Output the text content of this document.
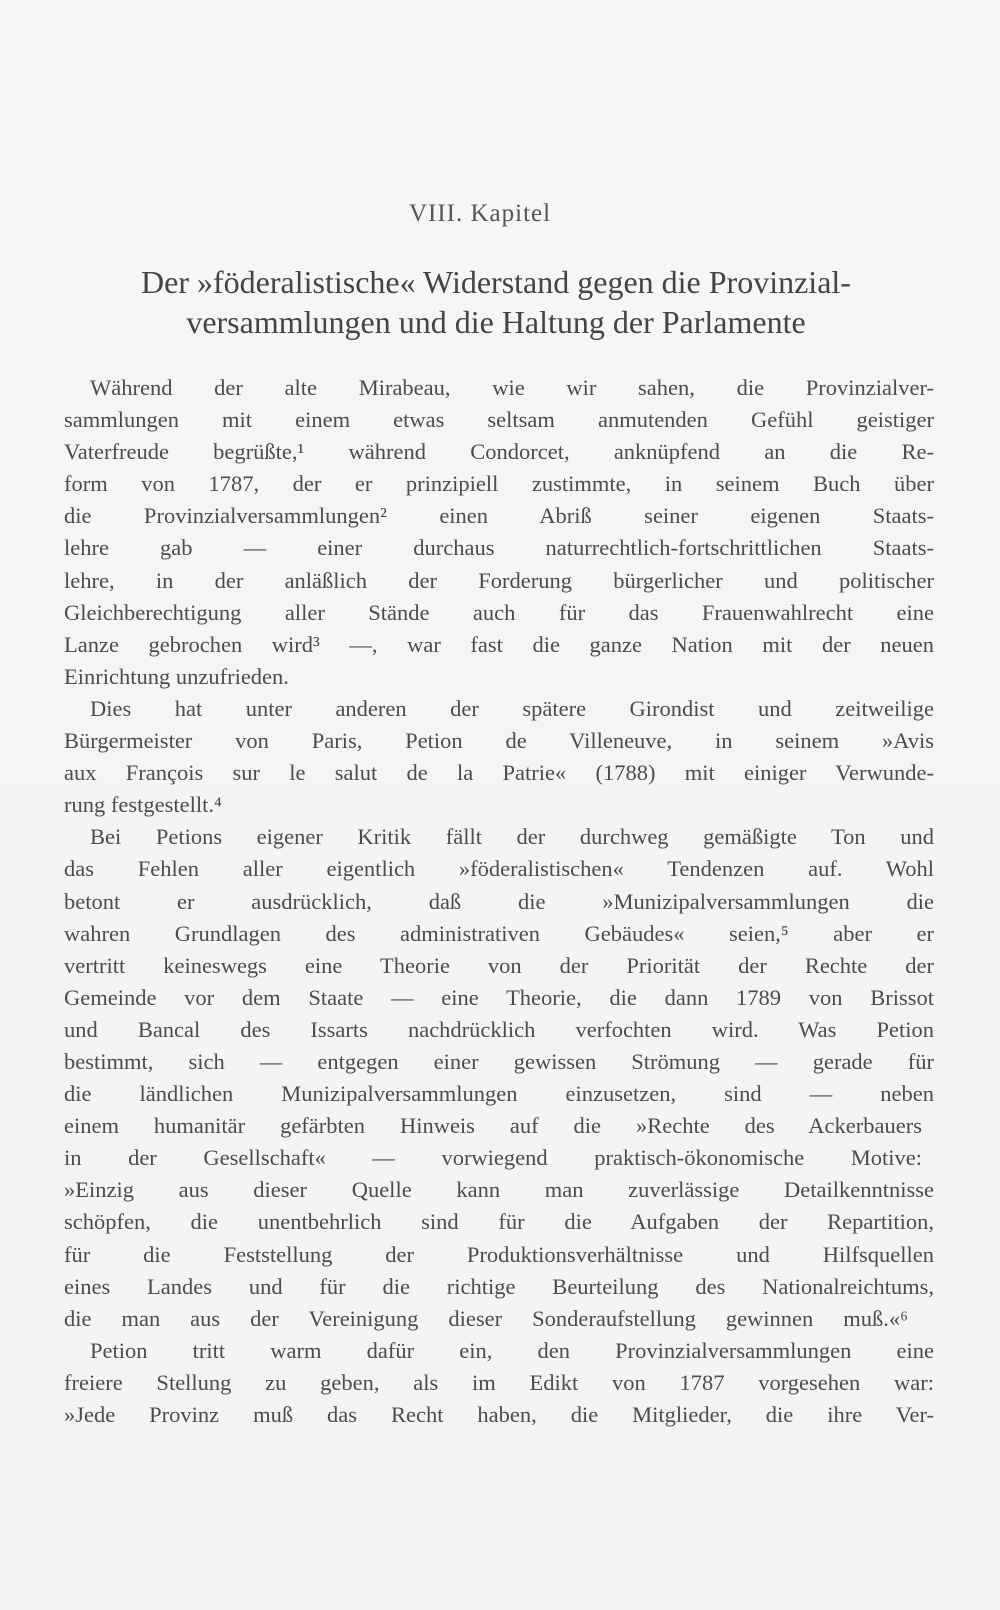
VIII. Kapitel
Der »föderalistische« Widerstand gegen die Provinzial-
versammlungen und die Haltung der Parlamente
Während der alte Mirabeau, wie wir sahen, die Provinzialver-
sammlungen mit einem etwas seltsam anmutenden Gefühl geistiger
Vaterfreude begrüßte,¹ während Condorcet, anknüpfend an die Re-
form von 1787, der er prinzipiell zustimmte, in seinem Buch über
die Provinzialversammlungen² einen Abriß seiner eigenen Staats-
lehre gab — einer durchaus naturrechtlich-fortschrittlichen Staats-
lehre, in der anläßlich der Forderung bürgerlicher und politischer
Gleichberechtigung aller Stände auch für das Frauenwahlrecht eine
Lanze gebrochen wird³ —, war fast die ganze Nation mit der neuen
Einrichtung unzufrieden.
Dies hat unter anderen der spätere Girondist und zeitweilige
Bürgermeister von Paris, Petion de Villeneuve, in seinem »Avis
aux François sur le salut de la Patrie« (1788) mit einiger Verwunde-
rung festgestellt.⁴
Bei Petions eigener Kritik fällt der durchweg gemäßigte Ton und
das Fehlen aller eigentlich »föderalistischen« Tendenzen auf. Wohl
betont er ausdrücklich, daß die »Munizipalversammlungen die
wahren Grundlagen des administrativen Gebäudes« seien,⁵ aber er
vertritt keineswegs eine Theorie von der Priorität der Rechte der
Gemeinde vor dem Staate — eine Theorie, die dann 1789 von Brissot
und Bancal des Issarts nachdrücklich verfochten wird. Was Petion
bestimmt, sich — entgegen einer gewissen Strömung — gerade für
die ländlichen Munizipalversammlungen einzusetzen, sind — neben
einem humanitär gefärbten Hinweis auf die »Rechte des Ackerbauers
in der Gesellschaft« — vorwiegend praktisch-ökonomische Motive:
»Einzig aus dieser Quelle kann man zuverlässige Detailkenntnisse
schöpfen, die unentbehrlich sind für die Aufgaben der Repartition,
für die Feststellung der Produktionsverhältnisse und Hilfsquellen
eines Landes und für die richtige Beurteilung des Nationalreichtums,
die man aus der Vereinigung dieser Sonderaufstellung gewinnen muß.«⁶
Petion tritt warm dafür ein, den Provinzialversammlungen eine
freiere Stellung zu geben, als im Edikt von 1787 vorgesehen war:
»Jede Provinz muß das Recht haben, die Mitglieder, die ihre Ver-
